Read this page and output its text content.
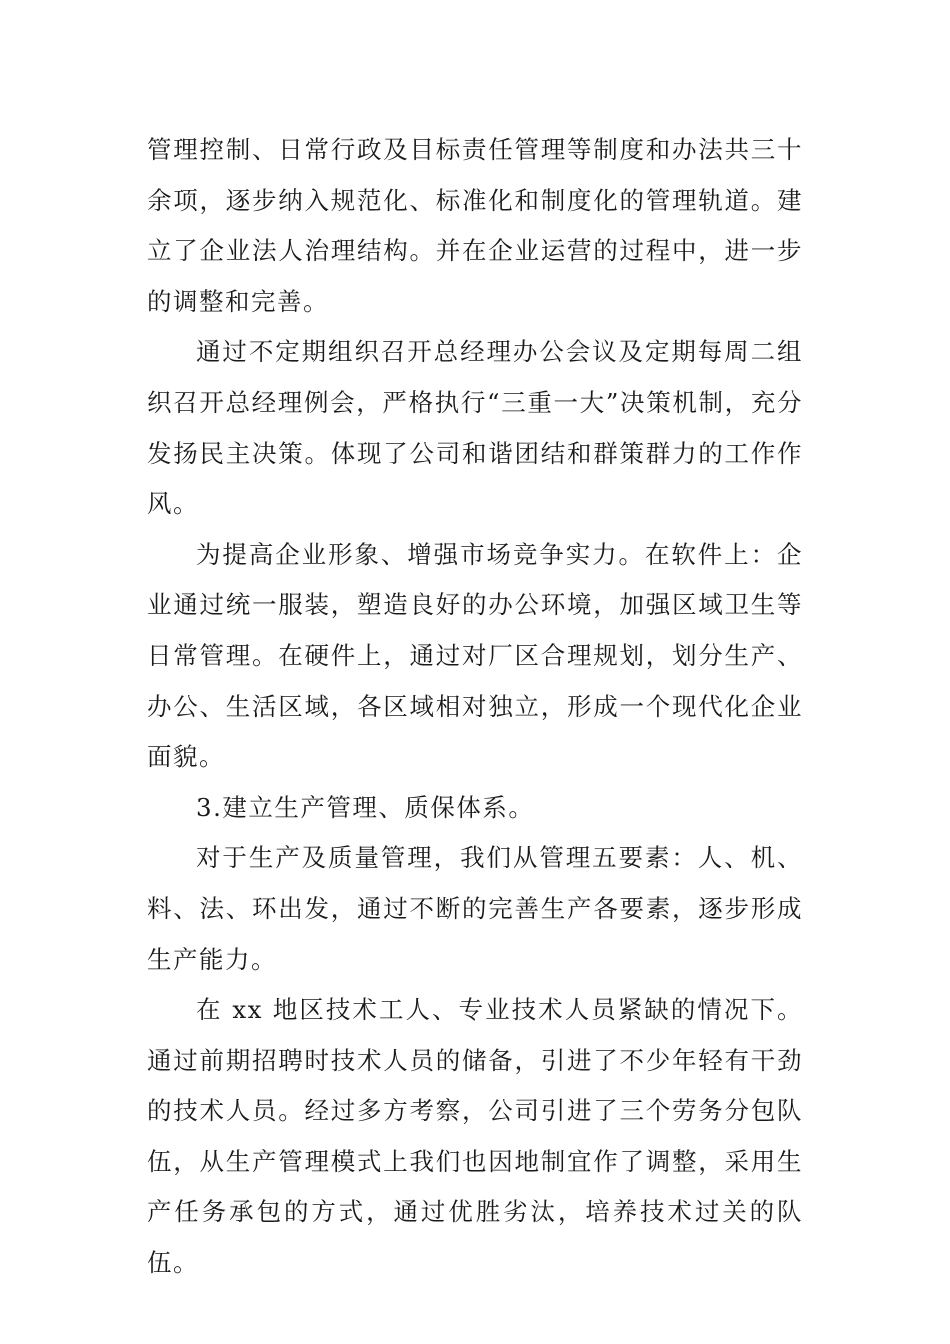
管理控制、日常行政及目标责任管理等制度和办法共三十余项，逐步纳入规范化、标准化和制度化的管理轨道。建立了企业法人治理结构。并在企业运营的过程中，进一步的调整和完善。

通过不定期组织召开总经理办公会议及定期每周二组织召开总经理例会，严格执行“三重一大”决策机制，充分发扬民主决策。体现了公司和谐团结和群策群力的工作作风。

为提高企业形象、增强市场竞争实力。在软件上：企业通过统一服装，塑造良好的办公环境，加强区域卫生等日常管理。在硬件上，通过对厂区合理规划，划分生产、办公、生活区域，各区域相对独立，形成一个现代化企业面貌。

3.建立生产管理、质保体系。

对于生产及质量管理，我们从管理五要素：人、机、料、法、环出发，通过不断的完善生产各要素，逐步形成生产能力。

在 xx 地区技术工人、专业技术人员紧缺的情况下。通过前期招聘时技术人员的储备，引进了不少年轻有干劲的技术人员。经过多方考察，公司引进了三个劳务分包队伍，从生产管理模式上我们也因地制宜作了调整，采用生产任务承包的方式，通过优胜劣汰，培养技术过关的队伍。
